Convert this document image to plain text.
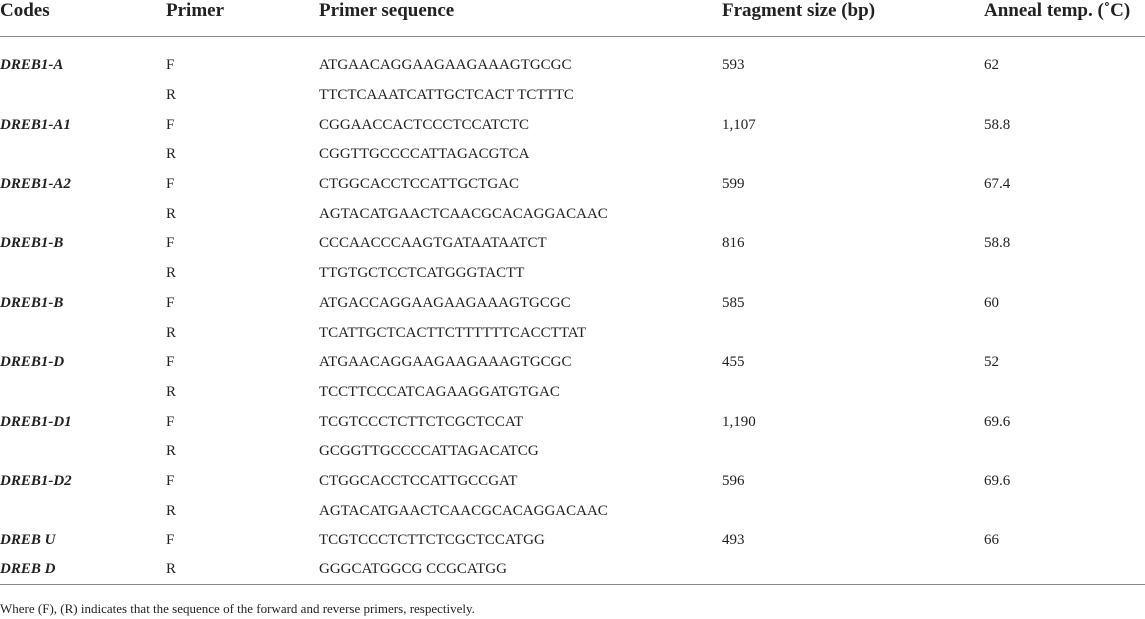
Codes	Primer	Primer sequence	Fragment size (bp)	Anneal temp. (˚C)
DREB1-A	F	ATGAACAGGAAGAAGAAAGTGCGC	593	62
	R	TTCTCAAATCATTGCTCACT TCTTTC		
DREB1-A1	F	CGGAACCACTCCCTCCATCTC	1,107	58.8
	R	CGGTTGCCCCATTAGACGTCA		
DREB1-A2	F	CTGGCACCTCCATTGCTGAC	599	67.4
	R	AGTACATGAACTCAACGCACAGGACAAC		
DREB1-B	F	CCCAACCCAAGTGATAATAATCT	816	58.8
	R	TTGTGCTCCTCATGGGTACTT		
DREB1-B	F	ATGACCAGGAAGAAGAAAGTGCGC	585	60
	R	TCATTGCTCACTTCTTTTTTCACCTTAT		
DREB1-D	F	ATGAACAGGAAGAAGAAAGTGCGC	455	52
	R	TCCTTCCCATCAGAAGGATGTGAC		
DREB1-D1	F	TCGTCCCTCTTCTCGCTCCAT	1,190	69.6
	R	GCGGTTGCCCCATTAGACATCG		
DREB1-D2	F	CTGGCACCTCCATTGCCGAT	596	69.6
	R	AGTACATGAACTCAACGCACAGGACAAC		
DREB U	F	TCGTCCCTCTTCTCGCTCCATGG	493	66
DREB D	R	GGGCATGGCG CCGCATGG		
Where (F), (R) indicates that the sequence of the forward and reverse primers, respectively.
